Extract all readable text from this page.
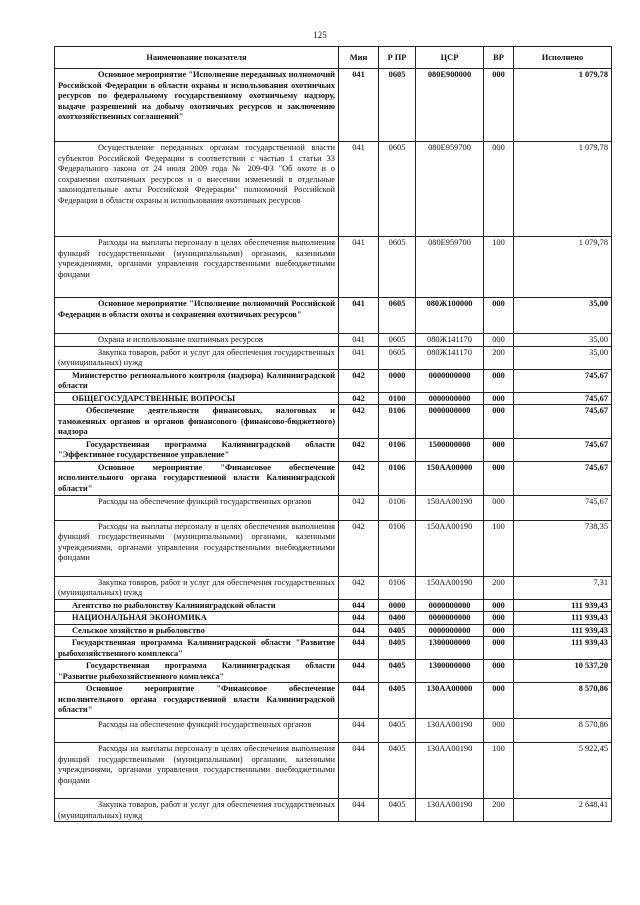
125
Наименование показателя	Мин	Р ПР	ЦСР	ВР	Исполнено
Основное мероприятие "Исполнение переданных полномочий Российской Федерации в области охраны и использования охотничьих ресурсов по федеральному государственному охотничьему надзору, выдаче разрешений на добычу охотничьих ресурсов и заключению охотхозяйственных соглашений"	041	0605	080E900000	000	1 079,78
Осуществление переданных органам государственной власти субъектов Российской Федерации в соответствии с частью 1 статьи 33 Федерального закона от 24 июля 2009 года № 209-ФЗ "Об охоте и о сохранении охотничьих ресурсов и о внесении изменений в отдельные законодательные акты Российской Федерации" полномочий Российской Федерации в области охраны и использования охотничьих ресурсов	041	0605	080E959700	000	1 079,78
Расходы на выплаты персоналу в целях обеспечения выполнения функций государственными (муниципальными) органами, казенными учреждениями, органами управления государственными внебюджетными фондами	041	0605	080E959700	100	1 079,78
Основное мероприятие "Исполнение полномочий Российской Федерации в области охоты и сохранения охотничьих ресурсов"	041	0605	080Ж100000	000	35,00
Охрана и использование охотничьих ресурсов	041	0605	080Ж141170	000	35,00
Закупка товаров, работ и услуг для обеспечения государственных (муниципальных) нужд	041	0605	080Ж141170	200	35,00
Министерство регионального контроля (надзора) Калининградской области	042	0000	0000000000	000	745,67
ОБЩЕГОСУДАРСТВЕННЫЕ ВОПРОСЫ	042	0100	0000000000	000	745,67
Обеспечение деятельности финансовых, налоговых и таможенных органов и органов финансового (финансово-бюджетного) надзора	042	0106	0000000000	000	745,67
Государственная программа Калининградской области "Эффективное государственное управление"	042	0106	1500000000	000	745,67
Основное мероприятие "Финансовое обеспечение исполнительного органа государственной власти Калининградской области"	042	0106	150АА00000	000	745,67
Расходы на обеспечение функций государственных органов	042	0106	150АА00190	000	745,67
Расходы на выплаты персоналу в целях обеспечения выполнения функций государственными (муниципальными) органами, казенными учреждениями, органами управления государственными внебюджетными фондами	042	0106	150АА00190	100	738,35
Закупка товаров, работ и услуг для обеспечения государственных (муниципальных) нужд	042	0106	150АА00190	200	7,31
Агентство по рыболовству Калининградской области	044	0000	0000000000	000	111 939,43
НАЦИОНАЛЬНАЯ ЭКОНОМИКА	044	0400	0000000000	000	111 939,43
Сельское хозяйство и рыболовство	044	0405	0000000000	000	111 939,43
Государственная программа Калининградской области "Развитие рыбохозяйственного комплекса"	044	0405	1300000000	000	111 939,43
Государственная программа Калининградская области "Развитие рыбохозяйственного комплекса"	044	0405	1300000000	000	10 537,20
Основное мероприятие "Финансовое обеспечение исполнительного органа государственной власти Калининградской области"	044	0405	130АА00000	000	8 570,86
Расходы на обеспечение функций государственных органов	044	0405	130АА00190	000	8 570,86
Расходы на выплаты персоналу в целях обеспечения выполнения функций государственными (муниципальными) органами, казенными учреждениями, органами управления государственными внебюджетными фондами	044	0405	130АА00190	100	5 922,45
Закупка товаров, работ и услуг для обеспечения государственных (муниципальных) нужд	044	0405	130АА00190	200	2 648,41
